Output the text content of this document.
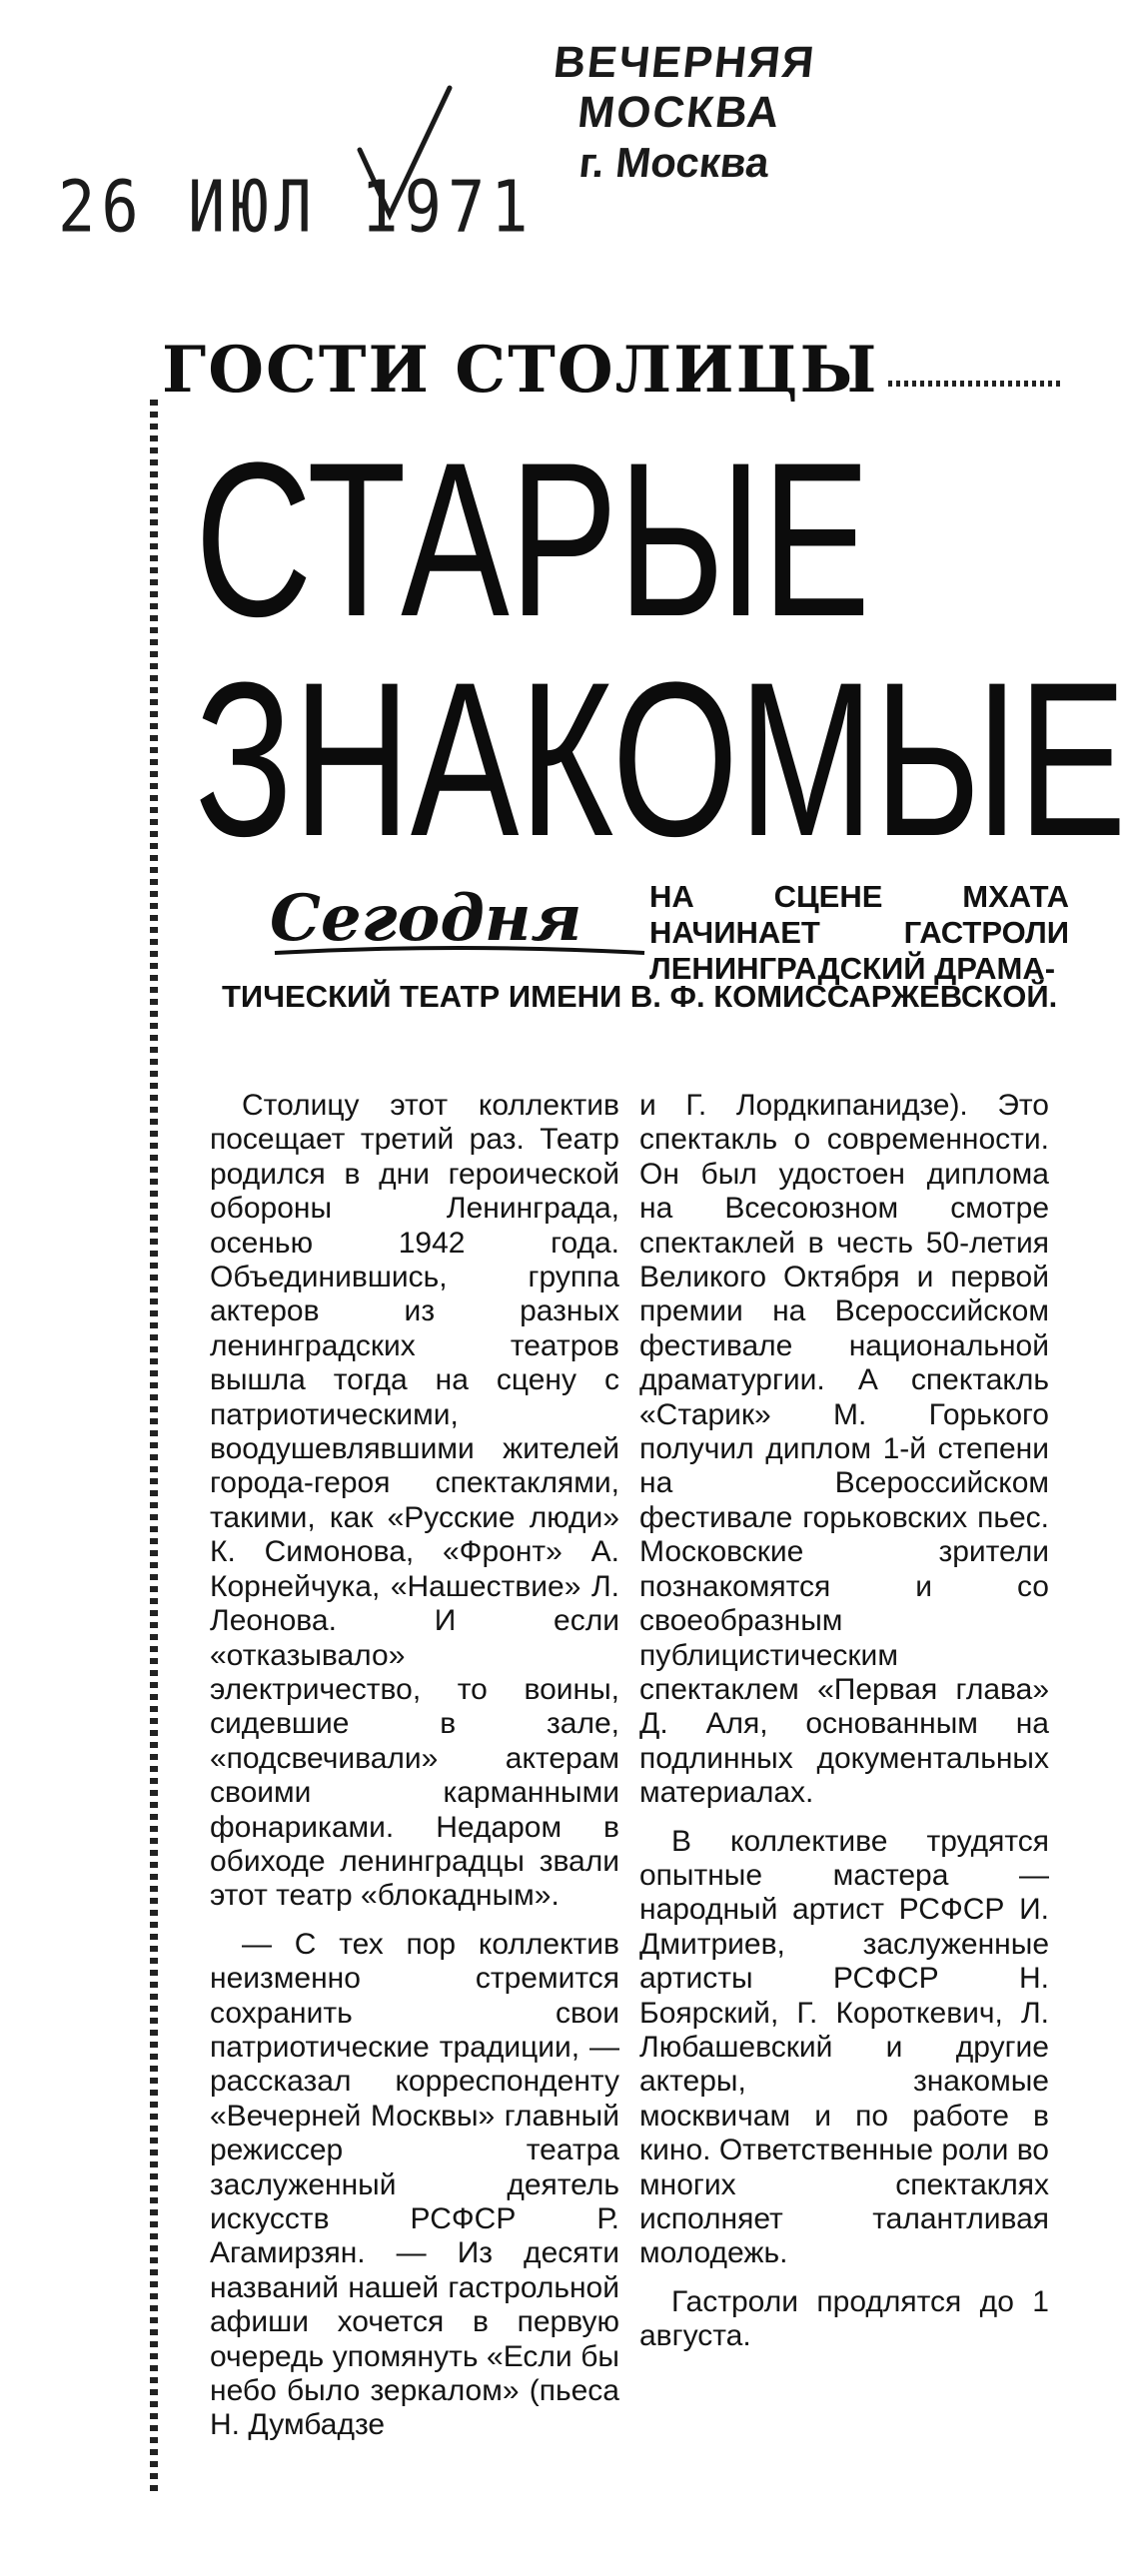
ВЕЧЕРНЯЯ МОСКВА
г. Москва
26 ИЮЛ 1971
ГОСТИ СТОЛИЦЫ
СТАРЫЕ
ЗНАКОМЫЕ
Сегодня	НА СЦЕНЕ МХАТА НАЧИНАЕТ ГАСТРОЛИ ЛЕНИНГРАДСКИЙ ДРАМА-
ТИЧЕСКИЙ ТЕАТР ИМЕНИ В. Ф. КОМИССАРЖЕВСКОЙ.

Столицу этот коллектив посещает третий раз. Театр родился в дни героической обороны Ленинграда, осенью 1942 года. Объединившись, группа актеров из разных ленинградских театров вышла тогда на сцену с патриотическими, воодушевлявшими жителей города-героя спектаклями, такими, как «Русские люди» К. Симонова, «Фронт» А. Корнейчука, «Нашествие» Л. Леонова. И если «отказывало» электричество, то воины, сидевшие в зале, «подсвечивали» актерам своими карманными фонариками. Недаром в обиходе ленинградцы звали этот театр «блокадным».

— С тех пор коллектив неизменно стремится сохранить свои патриотические традиции, — рассказал корреспонденту «Вечерней Москвы» главный режиссер театра заслуженный деятель искусств РСФСР Р. Агамирзян. — Из десяти названий нашей гастрольной афиши хочется в первую очередь упомянуть «Если бы небо было зеркалом» (пьеса Н. Думбадзе

и Г. Лордкипанидзе). Это спектакль о современности. Он был удостоен диплома на Всесоюзном смотре спектаклей в честь 50-летия Великого Октября и первой премии на Всероссийском фестивале национальной драматургии. А спектакль «Старик» М. Горького получил диплом 1-й степени на Всероссийском фестивале горьковских пьес. Московские зрители познакомятся и со своеобразным публицистическим спектаклем «Первая глава» Д. Аля, основанным на подлинных документальных материалах.

В коллективе трудятся опытные мастера — народный артист РСФСР И. Дмитриев, заслуженные артисты РСФСР Н. Боярский, Г. Короткевич, Л. Любашевский и другие актеры, знакомые москвичам и по работе в кино. Ответственные роли во многих спектаклях исполняет талантливая молодежь.

Гастроли продлятся до 1 августа.
